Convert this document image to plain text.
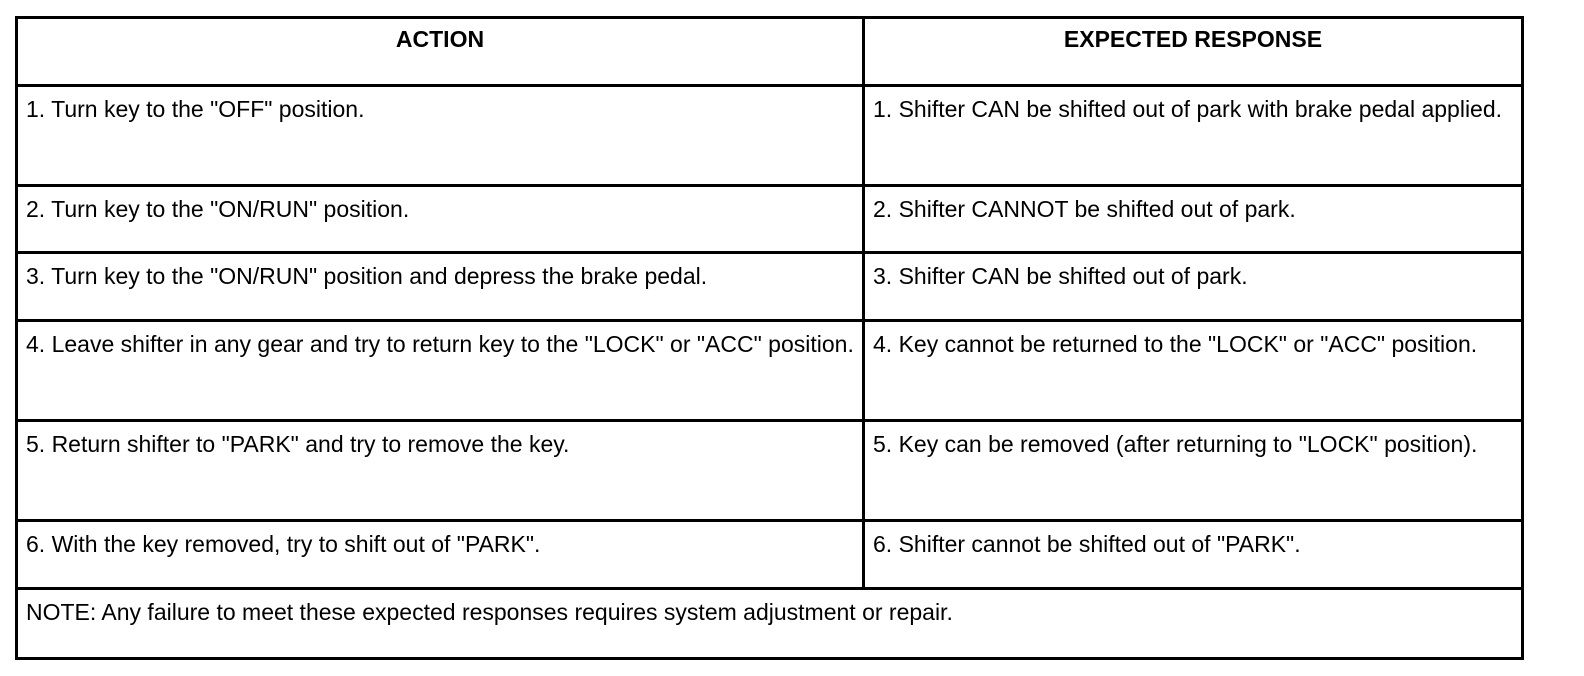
ACTION	EXPECTED RESPONSE
1. Turn key to the "OFF" position.	1. Shifter CAN be shifted out of park with brake pedal applied.
2. Turn key to the "ON/RUN" position.	2. Shifter CANNOT be shifted out of park.
3. Turn key to the "ON/RUN" position and depress the brake pedal.	3. Shifter CAN be shifted out of park.
4. Leave shifter in any gear and try to return key to the "LOCK" or "ACC" position.	4. Key cannot be returned to the "LOCK" or "ACC" position.
5. Return shifter to "PARK" and try to remove the key.	5. Key can be removed (after returning to "LOCK" position).
6. With the key removed, try to shift out of "PARK".	6. Shifter cannot be shifted out of "PARK".
NOTE: Any failure to meet these expected responses requires system adjustment or repair.	
